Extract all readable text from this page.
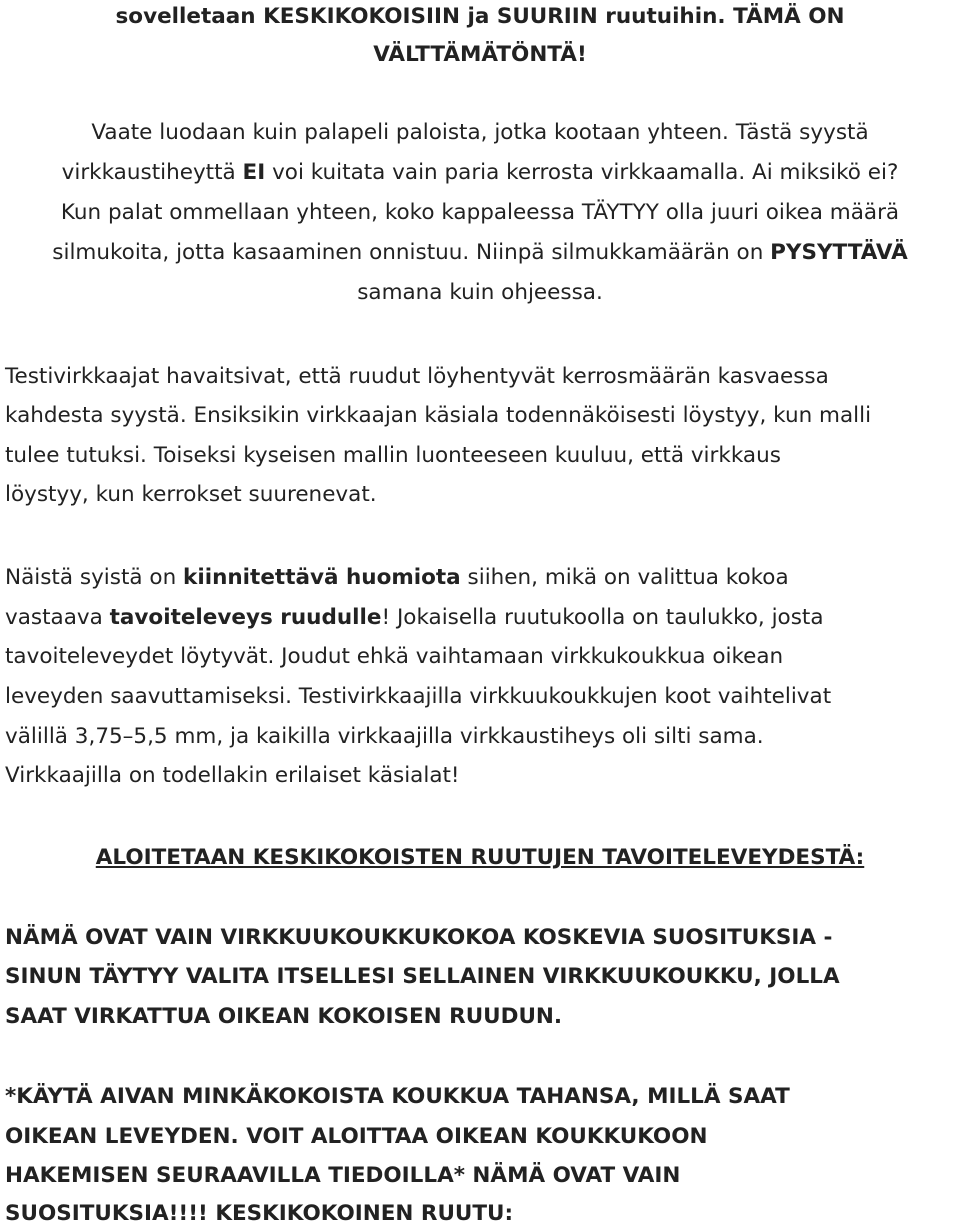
sovelletaan KESKIKOKOISIIN ja SUURIIN ruutuihin. TÄMÄ ON
VÄLTTÄMÄTÖNTÄ!
Vaate luodaan kuin palapeli paloista, jotka kootaan yhteen. Tästä syystä
virkkaustiheyttä EI voi kuitata vain paria kerrosta virkkaamalla. Ai miksikö ei?
Kun palat ommellaan yhteen, koko kappaleessa TÄYTYY olla juuri oikea määrä
silmukoita, jotta kasaaminen onnistuu. Niinpä silmukkamäärän on PYSYTTÄVÄ
samana kuin ohjeessa.
Testivirkkaajat havaitsivat, että ruudut löyhentyvät kerrosmäärän kasvaessa
kahdesta syystä. Ensiksikin virkkaajan käsiala todennäköisesti löystyy, kun malli
tulee tutuksi. Toiseksi kyseisen mallin luonteeseen kuuluu, että virkkaus
löystyy, kun kerrokset suurenevat.
Näistä syistä on kiinnitettävä huomiota siihen, mikä on valittua kokoa
vastaava tavoiteleveys ruudulle! Jokaisella ruutukoolla on taulukko, josta
tavoiteleveydet löytyvät. Joudut ehkä vaihtamaan virkkukoukkua oikean
leveyden saavuttamiseksi. Testivirkkaajilla virkkuukoukkujen koot vaihtelivat
välillä 3,75–5,5 mm, ja kaikilla virkkaajilla virkkaustiheys oli silti sama.
Virkkaajilla on todellakin erilaiset käsialat!
ALOITETAAN KESKIKOKOISTEN RUUTUJEN TAVOITELEVEYDESTÄ:
NÄMÄ OVAT VAIN VIRKKUUKOUKKUKOKOA KOSKEVIA SUOSITUKSIA -
SINUN TÄYTYY VALITA ITSELLESI SELLAINEN VIRKKUUKOUKKU, JOLLA
SAAT VIRKATTUA OIKEAN KOKOISEN RUUDUN.
*KÄYTÄ AIVAN MINKÄKOKOISTA KOUKKUA TAHANSA, MILLÄ SAAT
OIKEAN LEVEYDEN. VOIT ALOITTAA OIKEAN KOUKKUKOON
HAKEMISEN SEURAAVILLA TIEDOILLA* NÄMÄ OVAT VAIN
SUOSITUKSIA!!!! KESKIKOKOINEN RUUTU:
